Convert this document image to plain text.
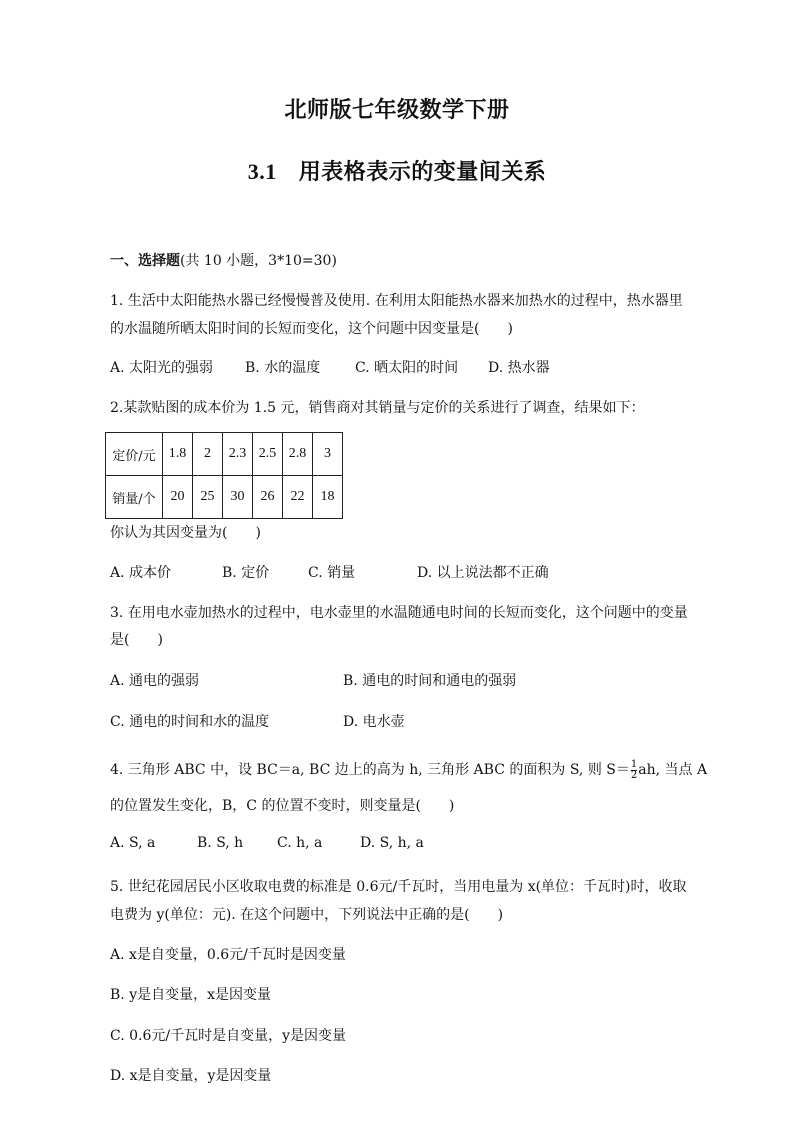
北师版七年级数学下册
3.1 用表格表示的变量间关系
一、选择题(共 10 小题，3*10=30)
1. 生活中太阳能热水器已经慢慢普及使用. 在利用太阳能热水器来加热水的过程中，热水器里
的水温随所晒太阳时间的长短而变化，这个问题中因变量是(　　)
A. 太阳光的强弱 B. 水的温度 C. 晒太阳的时间 D. 热水器
2.某款贴图的成本价为 1.5 元，销售商对其销量与定价的关系进行了调查，结果如下：
定价/元	1.8	2	2.3	2.5	2.8	3
销量/个	20	25	30	26	22	18
你认为其因变量为(　　)
A. 成本价	B. 定价	C. 销量	D. 以上说法都不正确
3. 在用电水壶加热水的过程中，电水壶里的水温随通电时间的长短而变化，这个问题中的变量
是(　　)
A. 通电的强弱	B. 通电的时间和通电的强弱
C. 通电的时间和水的温度	D. 电水壶
4. 三角形 ABC 中，设 BC＝a, BC 边上的高为 h, 三角形 ABC 的面积为 S, 则 $S= \frac{1}{2}$ ah, 当点 A
的位置发生变化，B，C 的位置不变时，则变量是(　　)
A. S, a	B. S, h C. h, a	D. S, h, a
5. 世纪花园居民小区收取电费的标准是 0.6元/千瓦时，当用电量为 x(单位：千瓦时)时，收取
电费为 y(单位：元). 在这个问题中，下列说法中正确的是(　　)
A. x是自变量，0.6元/千瓦时是因变量
B. y是自变量，x是因变量
C. 0.6元/千瓦时是自变量，y是因变量
D. x是自变量，y是因变量
